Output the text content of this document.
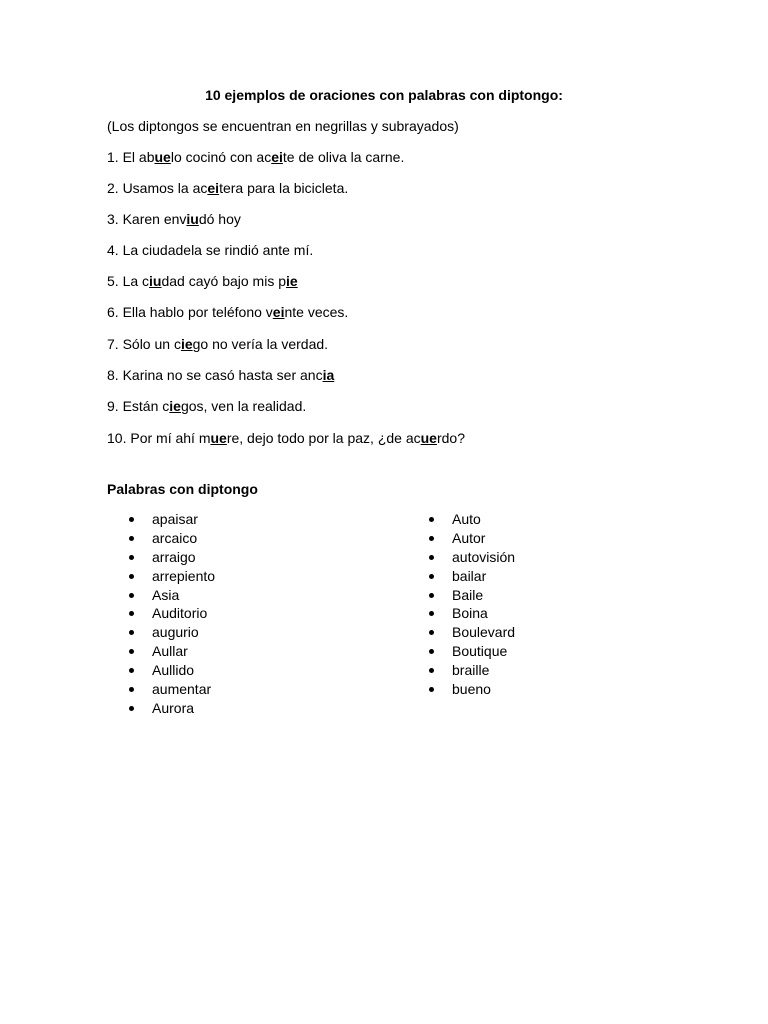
10 ejemplos de oraciones con palabras con diptongo:

(Los diptongos se encuentran en negrillas y subrayados)

1. El abuelo cocinó con aceite de oliva la carne.

2. Usamos la aceitera para la bicicleta.

3. Karen enviudó hoy

4. La ciudadela se rindió ante mí.

5. La ciudad cayó bajo mis pie

6. Ella hablo por teléfono veinte veces.

7. Sólo un ciego no vería la verdad.

8. Karina no se casó hasta ser ancia

9. Están ciegos, ven la realidad.

10. Por mí ahí muere, dejo todo por la paz, ¿de acuerdo?

Palabras con diptongo

apaisar
arcaico
arraigo
arrepiento
Asia
Auditorio
augurio
Aullar
Aullido
aumentar
Aurora
Auto
Autor
autovisión
bailar
Baile
Boina
Boulevard
Boutique
braille
bueno
